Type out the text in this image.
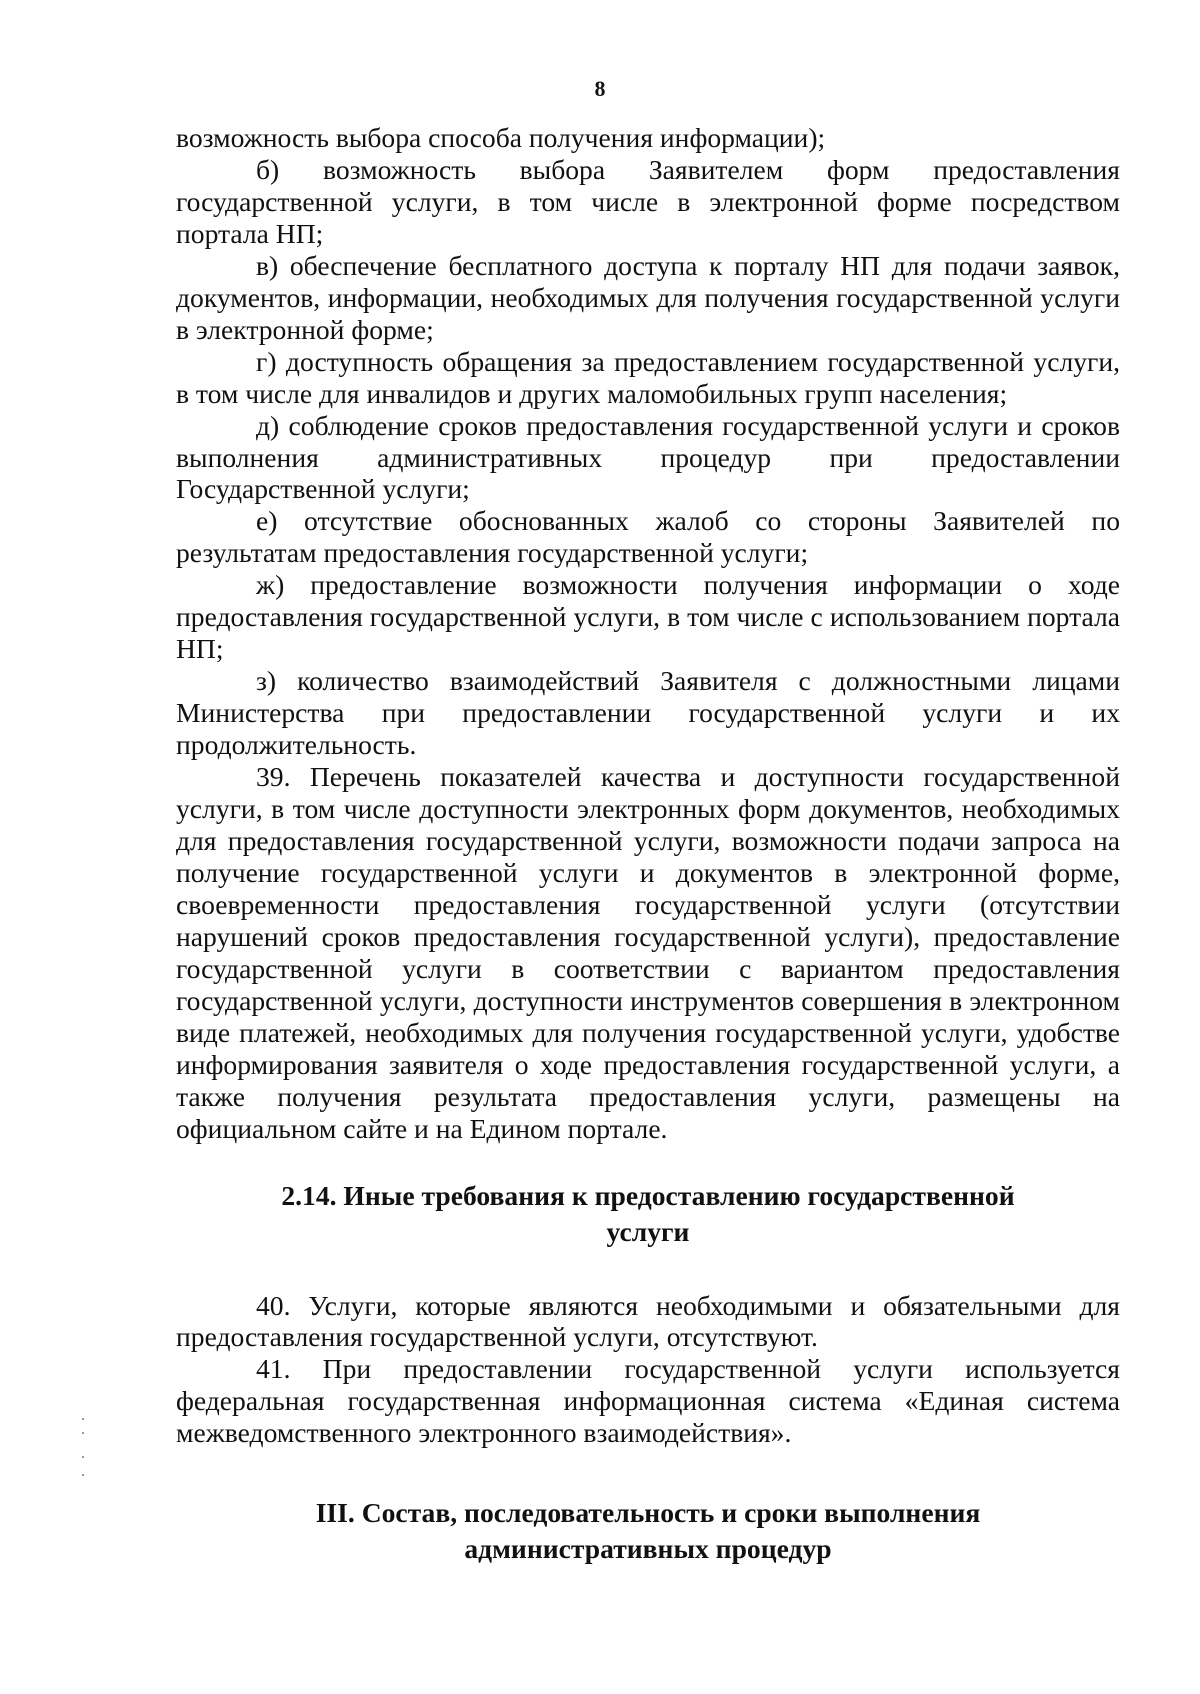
8

возможность выбора способа получения информации);

б) возможность выбора Заявителем форм предоставления государственной услуги, в том числе в электронной форме посредством портала НП;

в) обеспечение бесплатного доступа к порталу НП для подачи заявок, документов, информации, необходимых для получения государственной услуги в электронной форме;

г) доступность обращения за предоставлением государственной услуги, в том числе для инвалидов и других маломобильных групп населения;

д) соблюдение сроков предоставления государственной услуги и сроков выполнения административных процедур при предоставлении Государственной услуги;

е) отсутствие обоснованных жалоб со стороны Заявителей по результатам предоставления государственной услуги;

ж) предоставление возможности получения информации о ходе предоставления государственной услуги, в том числе с использованием портала НП;

з) количество взаимодействий Заявителя с должностными лицами Министерства при предоставлении государственной услуги и их продолжительность.

39. Перечень показателей качества и доступности государственной услуги, в том числе доступности электронных форм документов, необходимых для предоставления государственной услуги, возможности подачи запроса на получение государственной услуги и документов в электронной форме, своевременности предоставления государственной услуги (отсутствии нарушений сроков предоставления государственной услуги), предоставление государственной услуги в соответствии с вариантом предоставления государственной услуги, доступности инструментов совершения в электронном виде платежей, необходимых для получения государственной услуги, удобстве информирования заявителя о ходе предоставления государственной услуги, а также получения результата предоставления услуги, размещены на официальном сайте и на Едином портале.

2.14. Иные требования к предоставлению государственной
услуги

40. Услуги, которые являются необходимыми и обязательными для предоставления государственной услуги, отсутствуют.

41. При предоставлении государственной услуги используется федеральная государственная информационная система «Единая система межведомственного электронного взаимодействия».

III. Состав, последовательность и сроки выполнения
административных процедур
